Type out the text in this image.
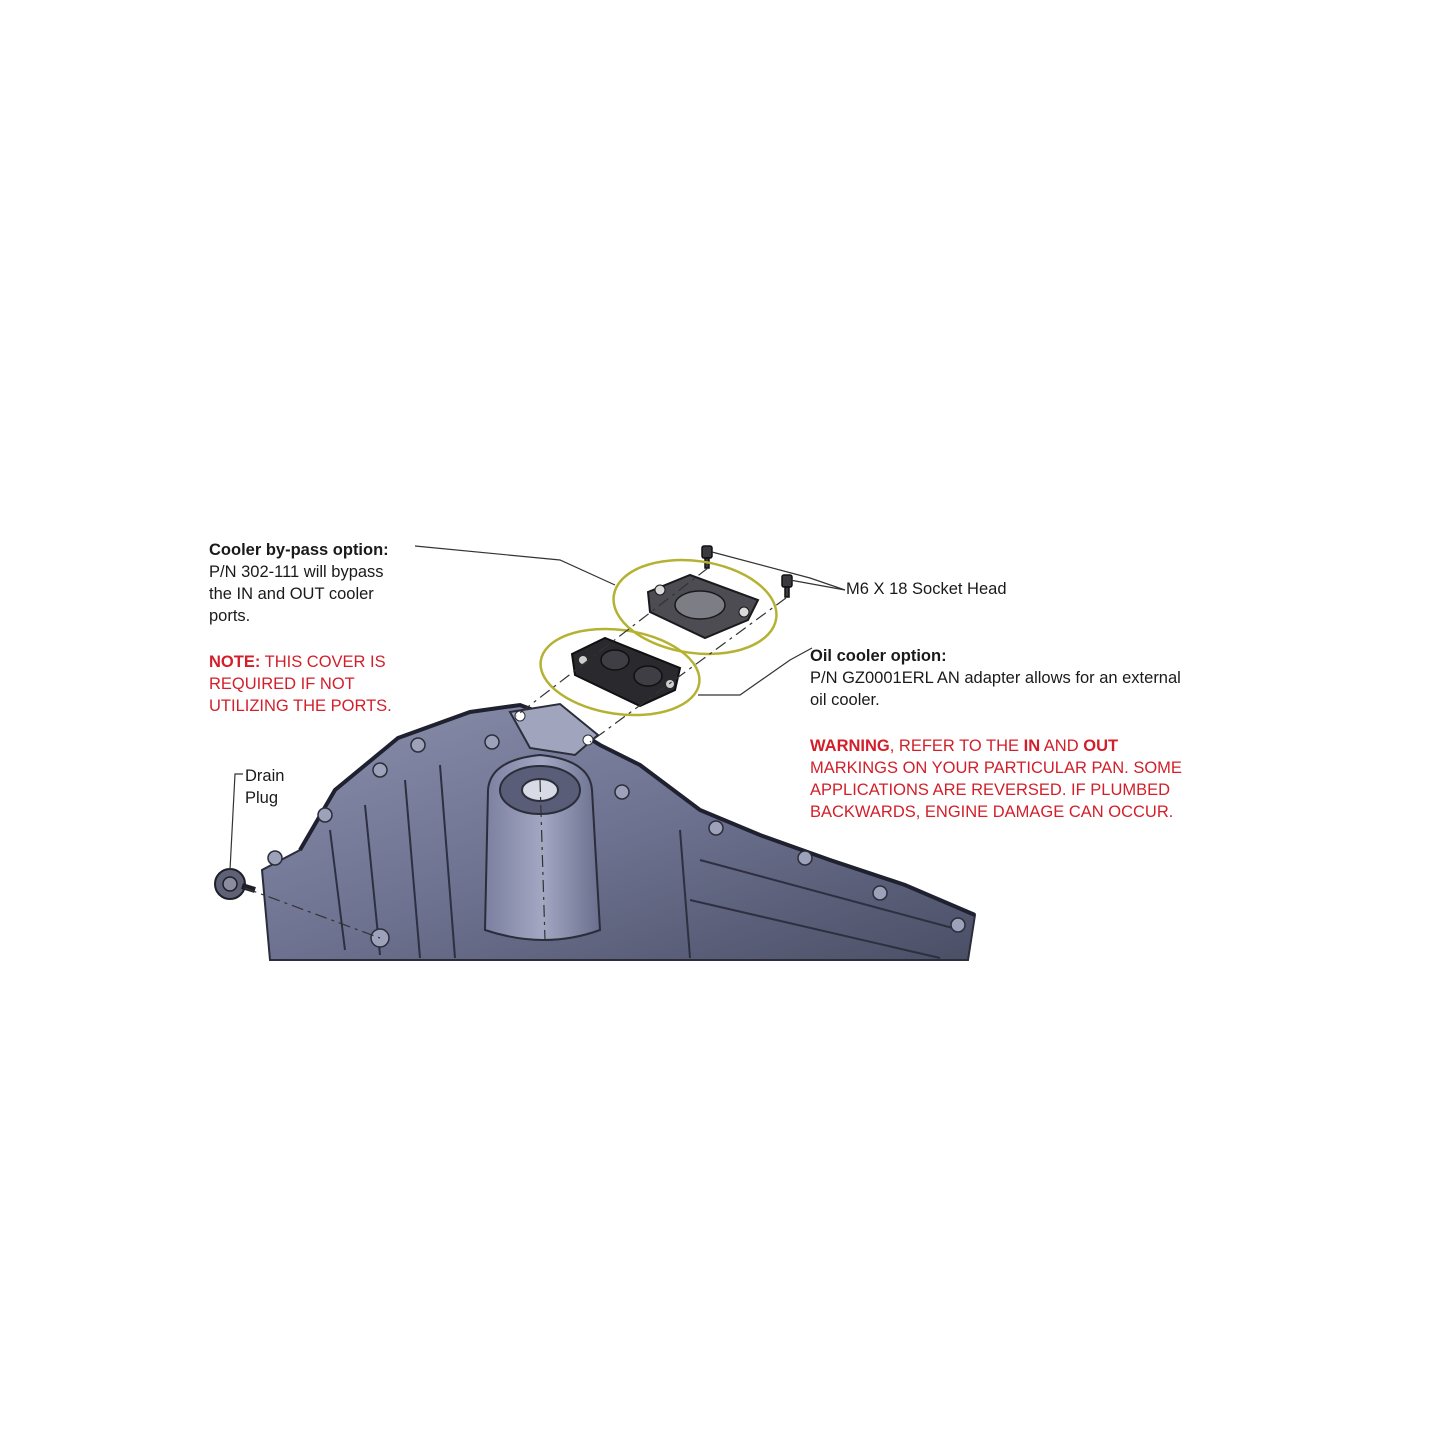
Cooler by-pass option:
P/N 302-111 will bypass
the IN and OUT cooler
ports.
NOTE: THIS COVER IS
REQUIRED IF NOT
UTILIZING THE PORTS.
Drain
Plug
M6 X 18 Socket Head
Oil cooler option:
P/N GZ0001ERL AN adapter allows for an external
oil cooler.
WARNING, REFER TO THE IN AND OUT
MARKINGS ON YOUR PARTICULAR PAN. SOME
APPLICATIONS ARE REVERSED. IF PLUMBED
BACKWARDS, ENGINE DAMAGE CAN OCCUR.
